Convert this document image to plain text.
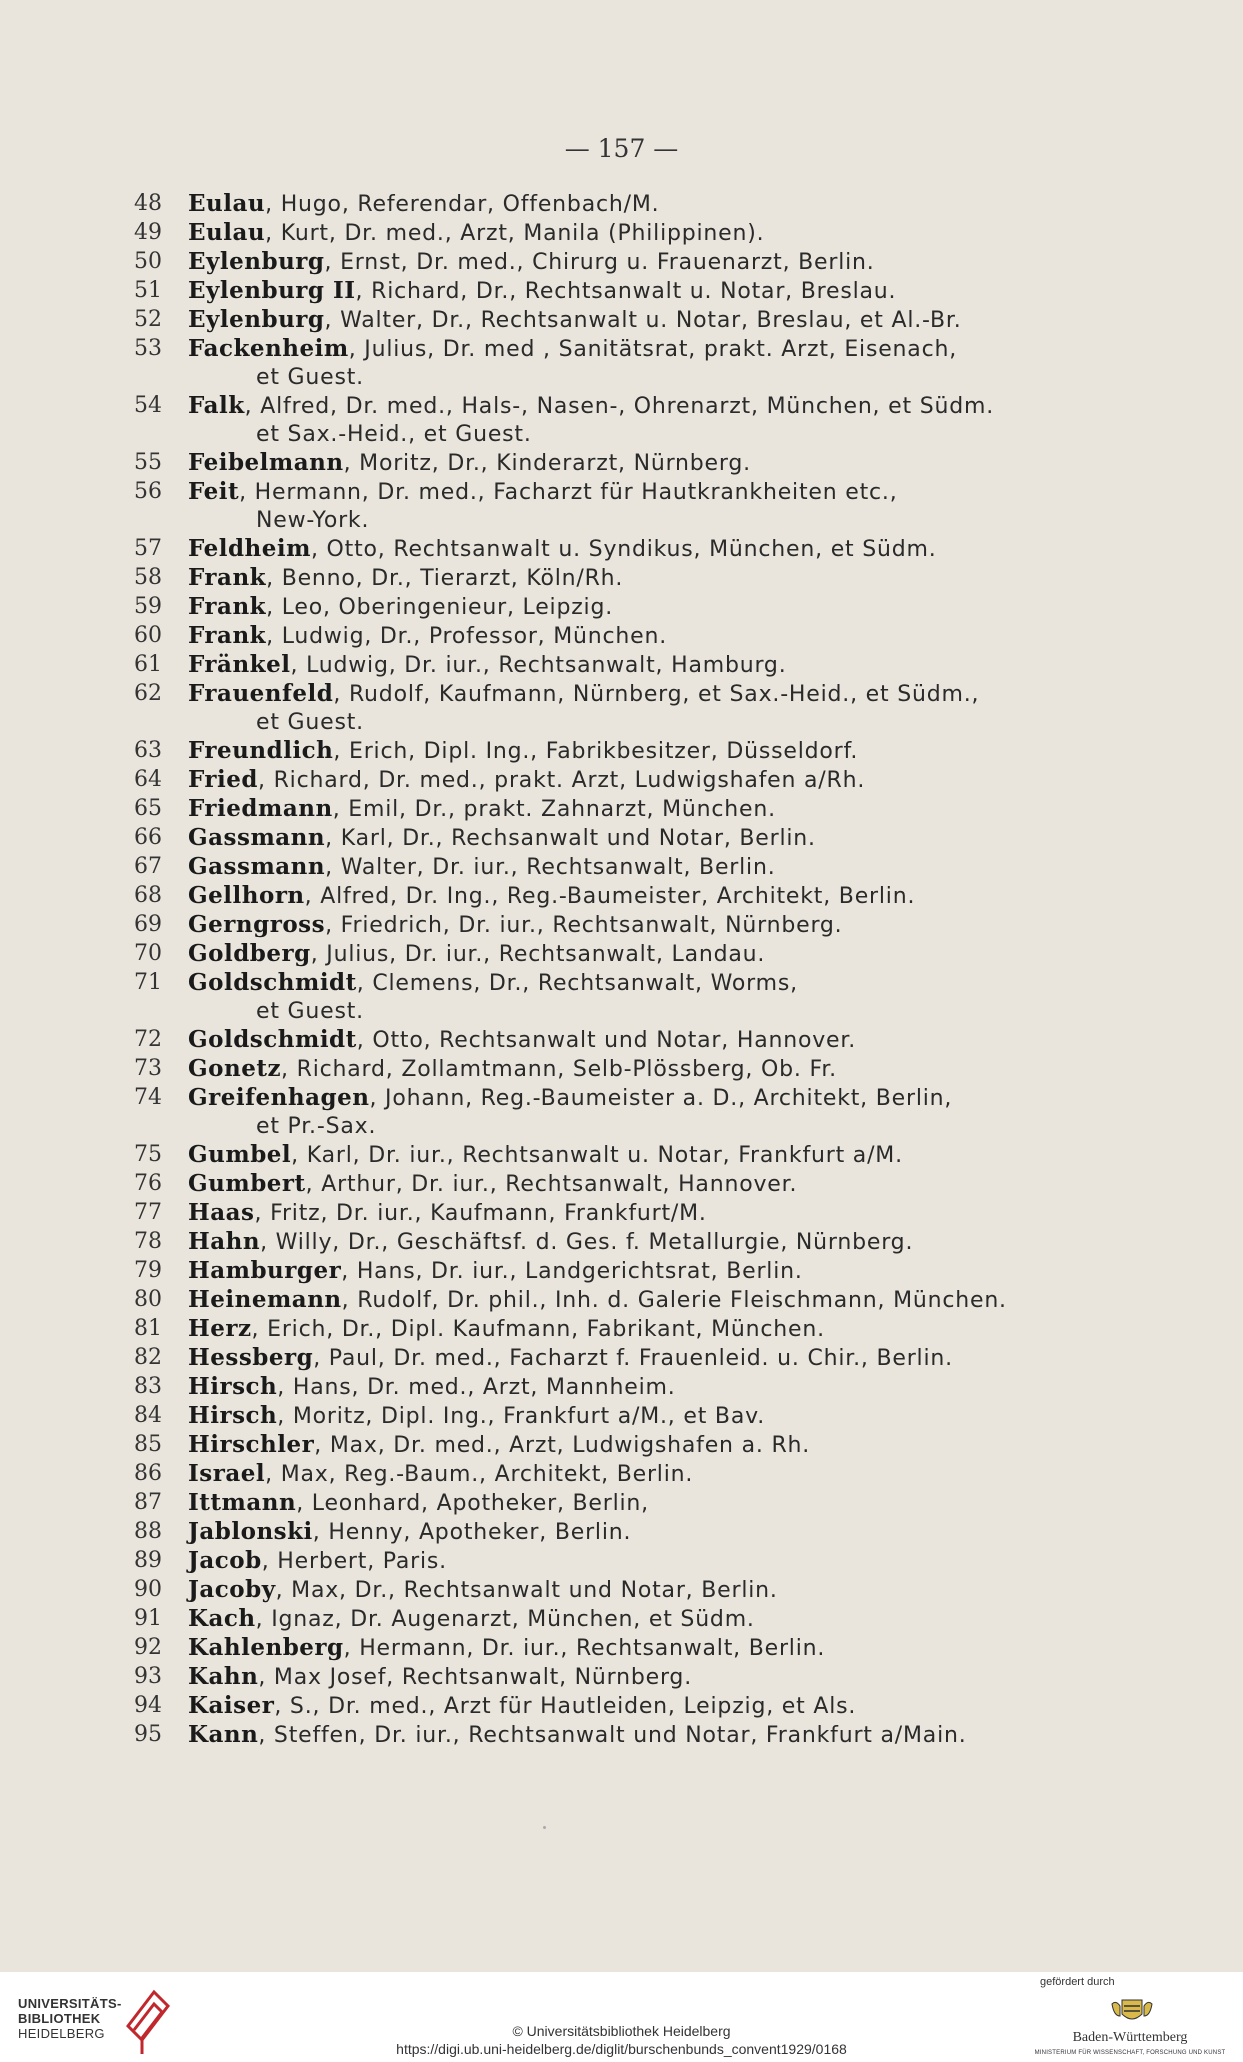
— 157 —
48 Eulau, Hugo, Referendar, Offenbach/M.
49 Eulau, Kurt, Dr. med., Arzt, Manila (Philippinen).
50 Eylenburg, Ernst, Dr. med., Chirurg u. Frauenarzt, Berlin.
51 Eylenburg II, Richard, Dr., Rechtsanwalt u. Notar, Breslau.
52 Eylenburg, Walter, Dr., Rechtsanwalt u. Notar, Breslau, et Al.-Br.
53 Fackenheim, Julius, Dr. med , Sanitätsrat, prakt. Arzt, Eisenach,
et Guest.
54 Falk, Alfred, Dr. med., Hals-, Nasen-, Ohrenarzt, München, et Südm.
et Sax.-Heid., et Guest.
55 Feibelmann, Moritz, Dr., Kinderarzt, Nürnberg.
56 Feit, Hermann, Dr. med., Facharzt für Hautkrankheiten etc.,
New-York.
57 Feldheim, Otto, Rechtsanwalt u. Syndikus, München, et Südm.
58 Frank, Benno, Dr., Tierarzt, Köln/Rh.
59 Frank, Leo, Oberingenieur, Leipzig.
60 Frank, Ludwig, Dr., Professor, München.
61 Fränkel, Ludwig, Dr. iur., Rechtsanwalt, Hamburg.
62 Frauenfeld, Rudolf, Kaufmann, Nürnberg, et Sax.-Heid., et Südm.,
et Guest.
63 Freundlich, Erich, Dipl. Ing., Fabrikbesitzer, Düsseldorf.
64 Fried, Richard, Dr. med., prakt. Arzt, Ludwigshafen a/Rh.
65 Friedmann, Emil, Dr., prakt. Zahnarzt, München.
66 Gassmann, Karl, Dr., Rechsanwalt und Notar, Berlin.
67 Gassmann, Walter, Dr. iur., Rechtsanwalt, Berlin.
68 Gellhorn, Alfred, Dr. Ing., Reg.-Baumeister, Architekt, Berlin.
69 Gerngross, Friedrich, Dr. iur., Rechtsanwalt, Nürnberg.
70 Goldberg, Julius, Dr. iur., Rechtsanwalt, Landau.
71 Goldschmidt, Clemens, Dr., Rechtsanwalt, Worms,
et Guest.
72 Goldschmidt, Otto, Rechtsanwalt und Notar, Hannover.
73 Gonetz, Richard, Zollamtmann, Selb-Plössberg, Ob. Fr.
74 Greifenhagen, Johann, Reg.-Baumeister a. D., Architekt, Berlin,
et Pr.-Sax.
75 Gumbel, Karl, Dr. iur., Rechtsanwalt u. Notar, Frankfurt a/M.
76 Gumbert, Arthur, Dr. iur., Rechtsanwalt, Hannover.
77 Haas, Fritz, Dr. iur., Kaufmann, Frankfurt/M.
78 Hahn, Willy, Dr., Geschäftsf. d. Ges. f. Metallurgie, Nürnberg.
79 Hamburger, Hans, Dr. iur., Landgerichtsrat, Berlin.
80 Heinemann, Rudolf, Dr. phil., Inh. d. Galerie Fleischmann, München.
81 Herz, Erich, Dr., Dipl. Kaufmann, Fabrikant, München.
82 Hessberg, Paul, Dr. med., Facharzt f. Frauenleid. u. Chir., Berlin.
83 Hirsch, Hans, Dr. med., Arzt, Mannheim.
84 Hirsch, Moritz, Dipl. Ing., Frankfurt a/M., et Bav.
85 Hirschler, Max, Dr. med., Arzt, Ludwigshafen a. Rh.
86 Israel, Max, Reg.-Baum., Architekt, Berlin.
87 Ittmann, Leonhard, Apotheker, Berlin,
88 Jablonski, Henny, Apotheker, Berlin.
89 Jacob, Herbert, Paris.
90 Jacoby, Max, Dr., Rechtsanwalt und Notar, Berlin.
91 Kach, Ignaz, Dr. Augenarzt, München, et Südm.
92 Kahlenberg, Hermann, Dr. iur., Rechtsanwalt, Berlin.
93 Kahn, Max Josef, Rechtsanwalt, Nürnberg.
94 Kaiser, S., Dr. med., Arzt für Hautleiden, Leipzig, et Als.
95 Kann, Steffen, Dr. iur., Rechtsanwalt und Notar, Frankfurt a/Main.
UNIVERSITÄTS-
BIBLIOTHEK
HEIDELBERG	© Universitätsbibliothek Heidelberg
https://digi.ub.uni-heidelberg.de/diglit/burschenbunds_convent1929/0168
gefördert durch
Baden-Württemberg
MINISTERIUM FÜR WISSENSCHAFT, FORSCHUNG UND KUNST
